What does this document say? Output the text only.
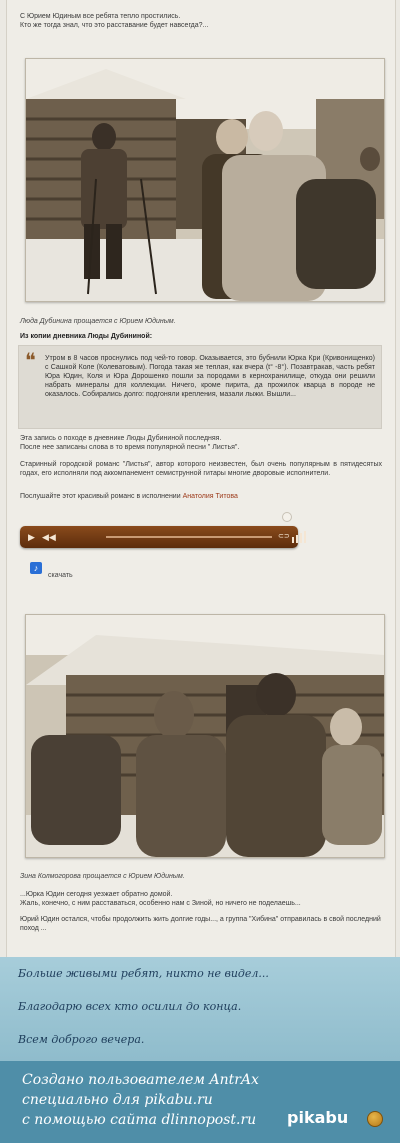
С Юрием Юдиным все ребята тепло простились.

Кто же тогда знал, что это расставание будет навсегда?...

Люда Дубинина прощается с Юрием Юдиным.
Из копии дневника Люды Дубининой:
❝ Утром в 8 часов проснулись под чей-то говор. Оказывается, это бубнили Юрка Кри (Кривонищенко) с Сашкой Коле (Колеватовым). Погода такая же теплая, как вчера (t° -8°). Позавтракав, часть ребят Юра Юдин, Коля и Юра Дорошенко пошли за породами в кернохранилище, откуда они решили набрать минералы для коллекции. Ничего, кроме пирита, да прожилок кварца в породе не оказалось. Собирались долго: подгоняли крепления, мазали лыжи. Вышли...

Эта запись о походе в дневнике Люды Дубининой последняя.

После нее записаны слова в то время популярной песни " Листья".

Старинный городской романс "Листья", автор которого неизвестен, был очень популярным в пятидесятых годах, его исполняли под аккомпанемент семиструнной гитары многие дворовые исполнители.

Послушайте этот красивый романс в исполнении Анатолия Титова

▶ ◀◀	⊂⊃
♪
скачать
Зина Колмогорова прощается с Юрием Юдиным.

...Юрка Юдин сегодня уезжает обратно домой.

Жаль, конечно, с ним расставаться, особенно нам с Зиной, но ничего не поделаешь...

Юрий Юдин остался, чтобы продолжить жить долгие годы..., а группа "Хибина" отправилась в свой последний поход ...

Больше живыми ребят, никто не видел...

Благодарю всех кто осилил до конца.

Всем доброго вечера.

Создано пользователем AntrAx

специально для pikabu.ru

с помощью сайта dlinnopost.ru pikabu
